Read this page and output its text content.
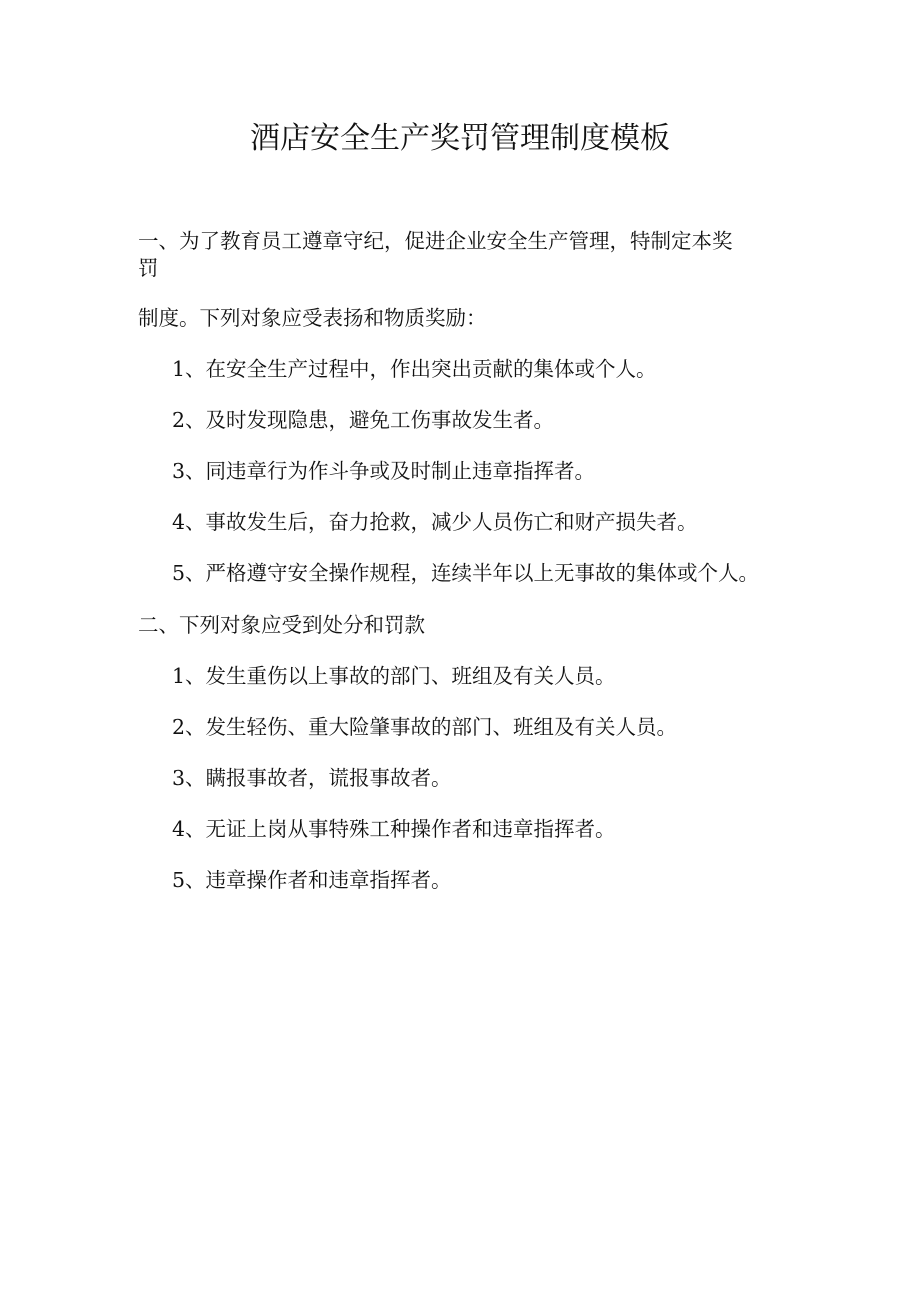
酒店安全生产奖罚管理制度模板
一、为了教育员工遵章守纪，促进企业安全生产管理，特制定本奖
罚
制度。下列对象应受表扬和物质奖励：
1、在安全生产过程中，作出突出贡献的集体或个人。
2、及时发现隐患，避免工伤事故发生者。
3、同违章行为作斗争或及时制止违章指挥者。
4、事故发生后，奋力抢救，减少人员伤亡和财产损失者。
5、严格遵守安全操作规程，连续半年以上无事故的集体或个人。
二、下列对象应受到处分和罚款
1、发生重伤以上事故的部门、班组及有关人员。
2、发生轻伤、重大险肇事故的部门、班组及有关人员。
3、瞒报事故者，谎报事故者。
4、无证上岗从事特殊工种操作者和违章指挥者。
5、违章操作者和违章指挥者。
